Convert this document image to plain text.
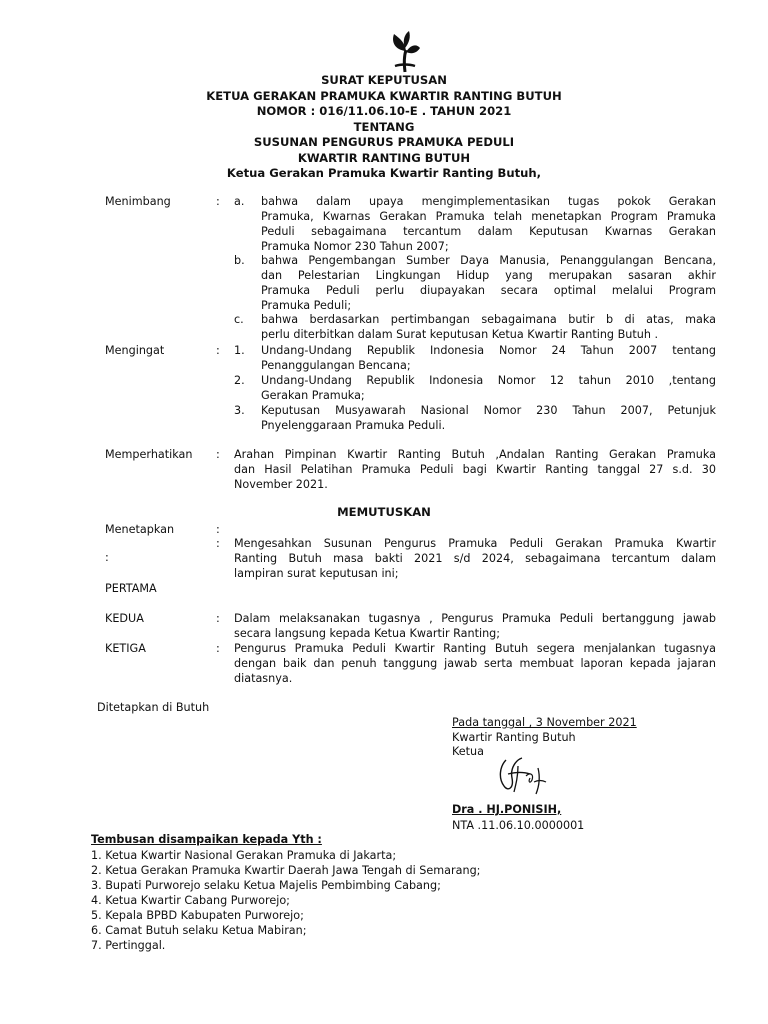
SURAT KEPUTUSAN
KETUA GERAKAN PRAMUKA KWARTIR RANTING BUTUH
NOMOR : 016/11.06.10-E . TAHUN 2021
TENTANG
SUSUNAN PENGURUS PRAMUKA PEDULI
KWARTIR RANTING BUTUH
Ketua Gerakan Pramuka Kwartir Ranting Butuh,
Menimbang	: a. bahwa dalam upaya mengimplementasikan tugas pokok Gerakan
Pramuka, Kwarnas Gerakan Pramuka telah menetapkan Program Pramuka
Peduli sebagaimana tercantum dalam Keputusan Kwarnas Gerakan
Pramuka Nomor 230 Tahun 2007;
b. bahwa Pengembangan Sumber Daya Manusia, Penanggulangan Bencana,
dan Pelestarian Lingkungan Hidup yang merupakan sasaran akhir
Pramuka Peduli perlu diupayakan secara optimal melalui Program
Pramuka Peduli;
c. bahwa berdasarkan pertimbangan sebagaimana butir b di atas, maka
perlu diterbitkan dalam Surat keputusan Ketua Kwartir Ranting Butuh .
Mengingat	: 1. Undang-Undang Republik Indonesia Nomor 24 Tahun 2007 tentang
Penanggulangan Bencana;
2. Undang-Undang Republik Indonesia Nomor 12 tahun 2010 ,tentang
Gerakan Pramuka;
3. Keputusan Musyawarah Nasional Nomor 230 Tahun 2007, Petunjuk
Pnyelenggaraan Pramuka Peduli.
Memperhatikan : Arahan Pimpinan Kwartir Ranting Butuh ,Andalan Ranting Gerakan Pramuka
dan Hasil Pelatihan Pramuka Peduli bagi Kwartir Ranting tanggal 27 s.d. 30
November 2021.
MEMUTUSKAN
Menetapkan	:
:
: Mengesahkan Susunan Pengurus Pramuka Peduli Gerakan Pramuka Kwartir
Ranting Butuh masa bakti 2021 s/d 2024, sebagaimana tercantum dalam
lampiran surat keputusan ini;
PERTAMA
KEDUA	: Dalam melaksanakan tugasnya , Pengurus Pramuka Peduli bertanggung jawab
secara langsung kepada Ketua Kwartir Ranting;
KETIGA	: Pengurus Pramuka Peduli Kwartir Ranting Butuh segera menjalankan tugasnya
dengan baik dan penuh tanggung jawab serta membuat laporan kepada jajaran
diatasnya.
Ditetapkan di Butuh
Pada tanggal , 3 November 2021
Kwartir Ranting Butuh
Ketua
Dra . HJ.PONISIH,
NTA .11.06.10.0000001
Tembusan disampaikan kepada Yth :
1. Ketua Kwartir Nasional Gerakan Pramuka di Jakarta;
2. Ketua Gerakan Pramuka Kwartir Daerah Jawa Tengah di Semarang;
3. Bupati Purworejo selaku Ketua Majelis Pembimbing Cabang;
4. Ketua Kwartir Cabang Purworejo;
5. Kepala BPBD Kabupaten Purworejo;
6. Camat Butuh selaku Ketua Mabiran;
7. Pertinggal.
